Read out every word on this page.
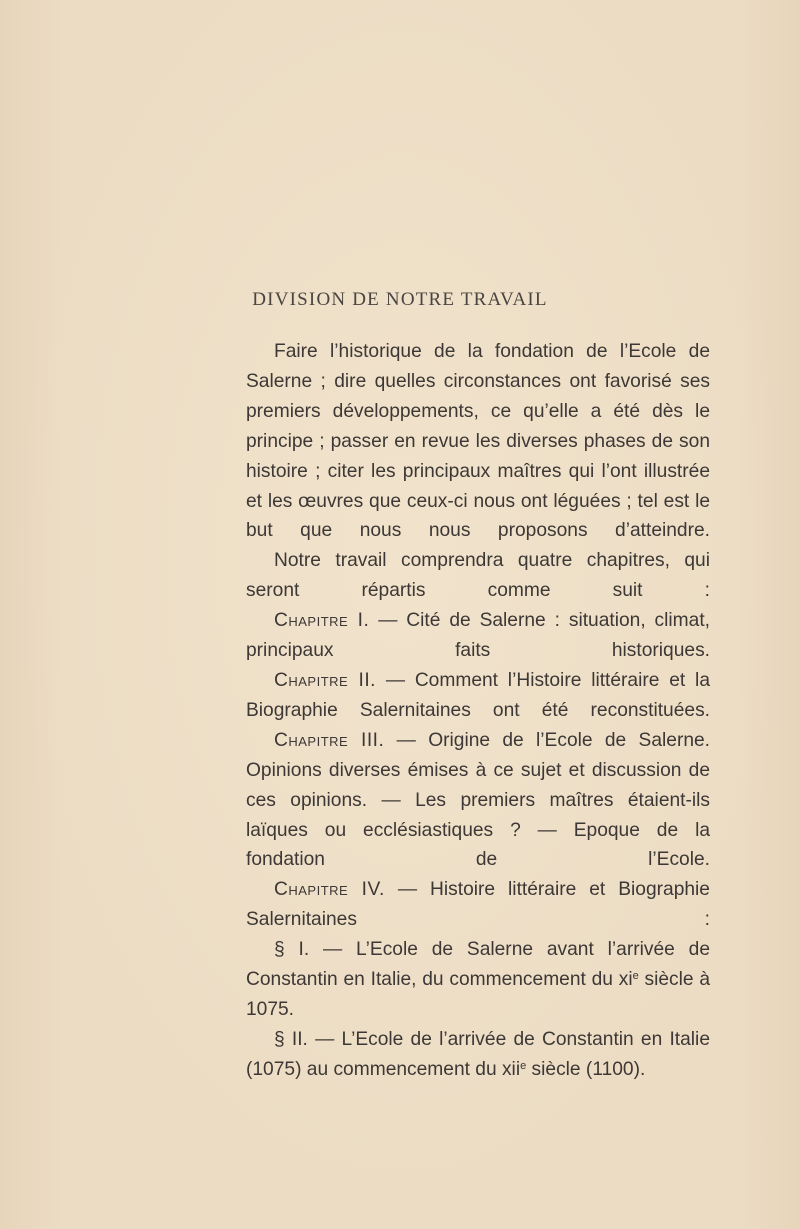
DIVISION DE NOTRE TRAVAIL

Faire l’historique de la fondation de l’Ecole de Salerne ; dire quelles circonstances ont favorisé ses premiers développements, ce qu’elle a été dès le principe ; passer en revue les diverses phases de son histoire ; citer les principaux maîtres qui l’ont illustrée et les œuvres que ceux-ci nous ont léguées ; tel est le but que nous nous proposons d’atteindre.

Notre travail comprendra quatre chapitres, qui seront répartis comme suit :

Chapitre I. — Cité de Salerne : situation, climat, principaux faits historiques.

Chapitre II. — Comment l’Histoire littéraire et la Biographie Salernitaines ont été reconstituées.

Chapitre III. — Origine de l’Ecole de Salerne. Opinions diverses émises à ce sujet et discussion de ces opinions. — Les premiers maîtres étaient-ils laïques ou ecclésiastiques ? — Epoque de la fondation de l’Ecole.

Chapitre IV. — Histoire littéraire et Biographie Salernitaines :

§ I. — L’Ecole de Salerne avant l’arrivée de Constantin en Italie, du commencement du $xi^e$ siècle à 1075.

§ II. — L’Ecole de l’arrivée de Constantin en Italie (1075) au commencement du xii$^e$ siècle (1100).
